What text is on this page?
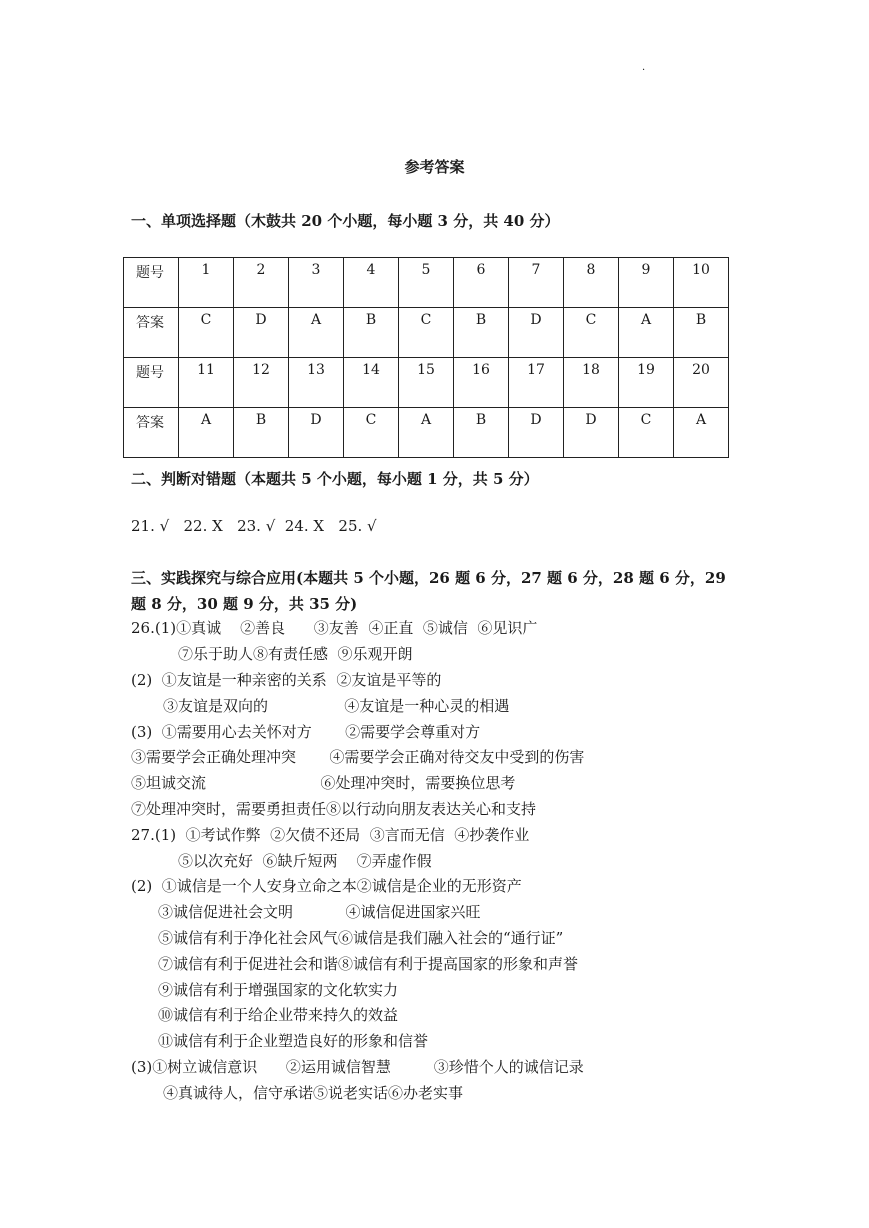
·
参考答案
一、单项选择题（木鼓共 20 个小题，每小题 3 分，共 40 分）
题号	1	2	3	4	5	6	7	8	9	10
答案	C	D	A	B	C	B	D	C	A	B
题号	11	12	13	14	15	16	17	18	19	20
答案	A	B	D	C	A	B	D	D	C	A
二、判断对错题（本题共 5 个小题，每小题 1 分，共 5 分）
21. √   22. X   23. √  24. X   25. √
三、实践探究与综合应用(本题共 5 个小题，26 题 6 分，27 题 6 分，28 题 6 分，29
题 8 分，30 题 9 分，共 35 分)
26.(1)①真诚    ②善良      ③友善  ④正直  ⑤诚信  ⑥见识广
⑦乐于助人⑧有责任感  ⑨乐观开朗
(2)  ①友谊是一种亲密的关系  ②友谊是平等的
③友谊是双向的                ④友谊是一种心灵的相遇
(3)  ①需要用心去关怀对方       ②需要学会尊重对方
③需要学会正确处理冲突       ④需要学会正确对待交友中受到的伤害
⑤坦诚交流                        ⑥处理冲突时，需要换位思考
⑦处理冲突时，需要勇担责任⑧以行动向朋友表达关心和支持
27.(1)  ①考试作弊  ②欠债不还局  ③言而无信  ④抄袭作业
⑤以次充好  ⑥缺斤短两    ⑦弄虚作假
(2)  ①诚信是一个人安身立命之本②诚信是企业的无形资产
③诚信促进社会文明           ④诚信促进国家兴旺
⑤诚信有利于净化社会风气⑥诚信是我们融入社会的“通行证”
⑦诚信有利于促进社会和谐⑧诚信有利于提高国家的形象和声誉
⑨诚信有利于增强国家的文化软实力
⑩诚信有利于给企业带来持久的效益
⑪诚信有利于企业塑造良好的形象和信誉
(3)①树立诚信意识      ②运用诚信智慧         ③珍惜个人的诚信记录
④真诚待人，信守承诺⑤说老实话⑥办老实事
